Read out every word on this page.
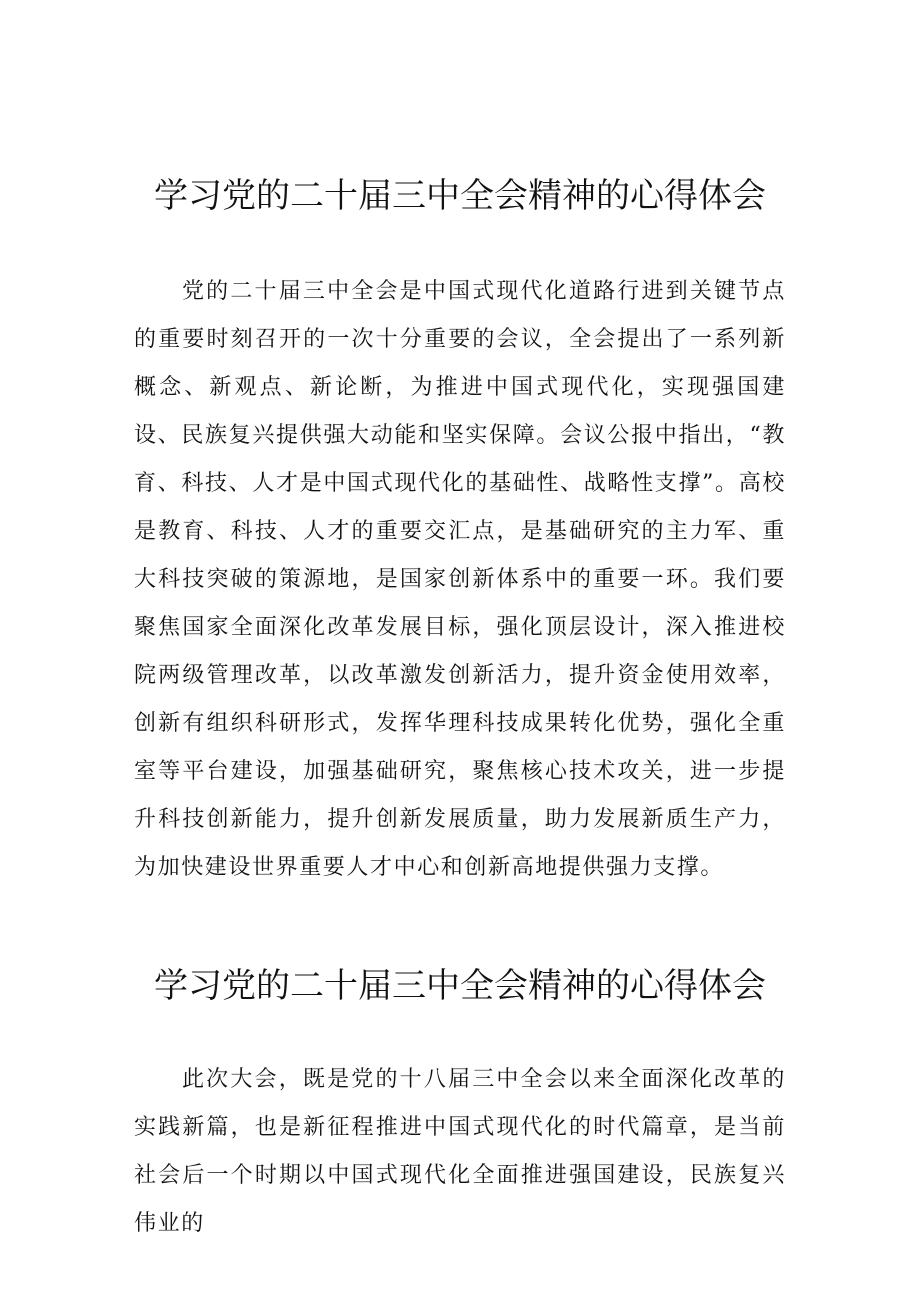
学习党的二十届三中全会精神的心得体会

党的二十届三中全会是中国式现代化道路行进到关键节点的重要时刻召开的一次十分重要的会议，全会提出了一系列新概念、新观点、新论断，为推进中国式现代化，实现强国建设、民族复兴提供强大动能和坚实保障。会议公报中指出，“教育、科技、人才是中国式现代化的基础性、战略性支撑”。高校是教育、科技、人才的重要交汇点，是基础研究的主力军、重大科技突破的策源地，是国家创新体系中的重要一环。我们要聚焦国家全面深化改革发展目标，强化顶层设计，深入推进校院两级管理改革，以改革激发创新活力，提升资金使用效率，创新有组织科研形式，发挥华理科技成果转化优势，强化全重室等平台建设，加强基础研究，聚焦核心技术攻关，进一步提升科技创新能力，提升创新发展质量，助力发展新质生产力，为加快建设世界重要人才中心和创新高地提供强力支撑。

学习党的二十届三中全会精神的心得体会

此次大会，既是党的十八届三中全会以来全面深化改革的实践新篇，也是新征程推进中国式现代化的时代篇章，是当前社会后一个时期以中国式现代化全面推进强国建设，民族复兴伟业的
